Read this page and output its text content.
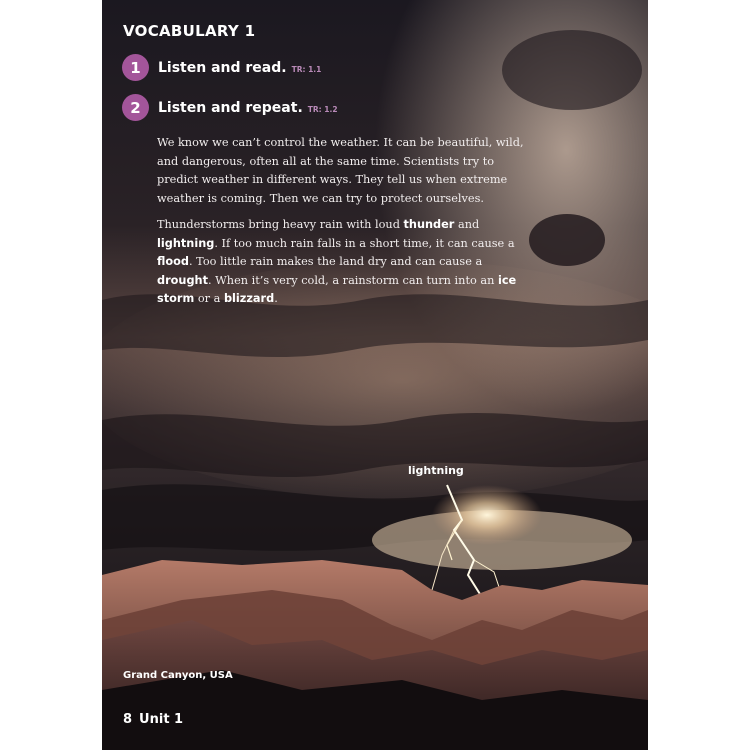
VOCABULARY 1
1	Listen and read. TR: 1.1
2	Listen and repeat. TR: 1.2

We know we can’t control the weather. It can be beautiful, wild, and dangerous, often all at the same time. Scientists try to predict weather in different ways. They tell us when extreme weather is coming. Then we can try to protect ourselves.

Thunderstorms bring heavy rain with loud thunder and lightning. If too much rain falls in a short time, it can cause a flood. Too little rain makes the land dry and can cause a drought. When it’s very cold, a rainstorm can turn into an ice storm or a blizzard.

lightning
Grand Canyon, USA
8 Unit 1
